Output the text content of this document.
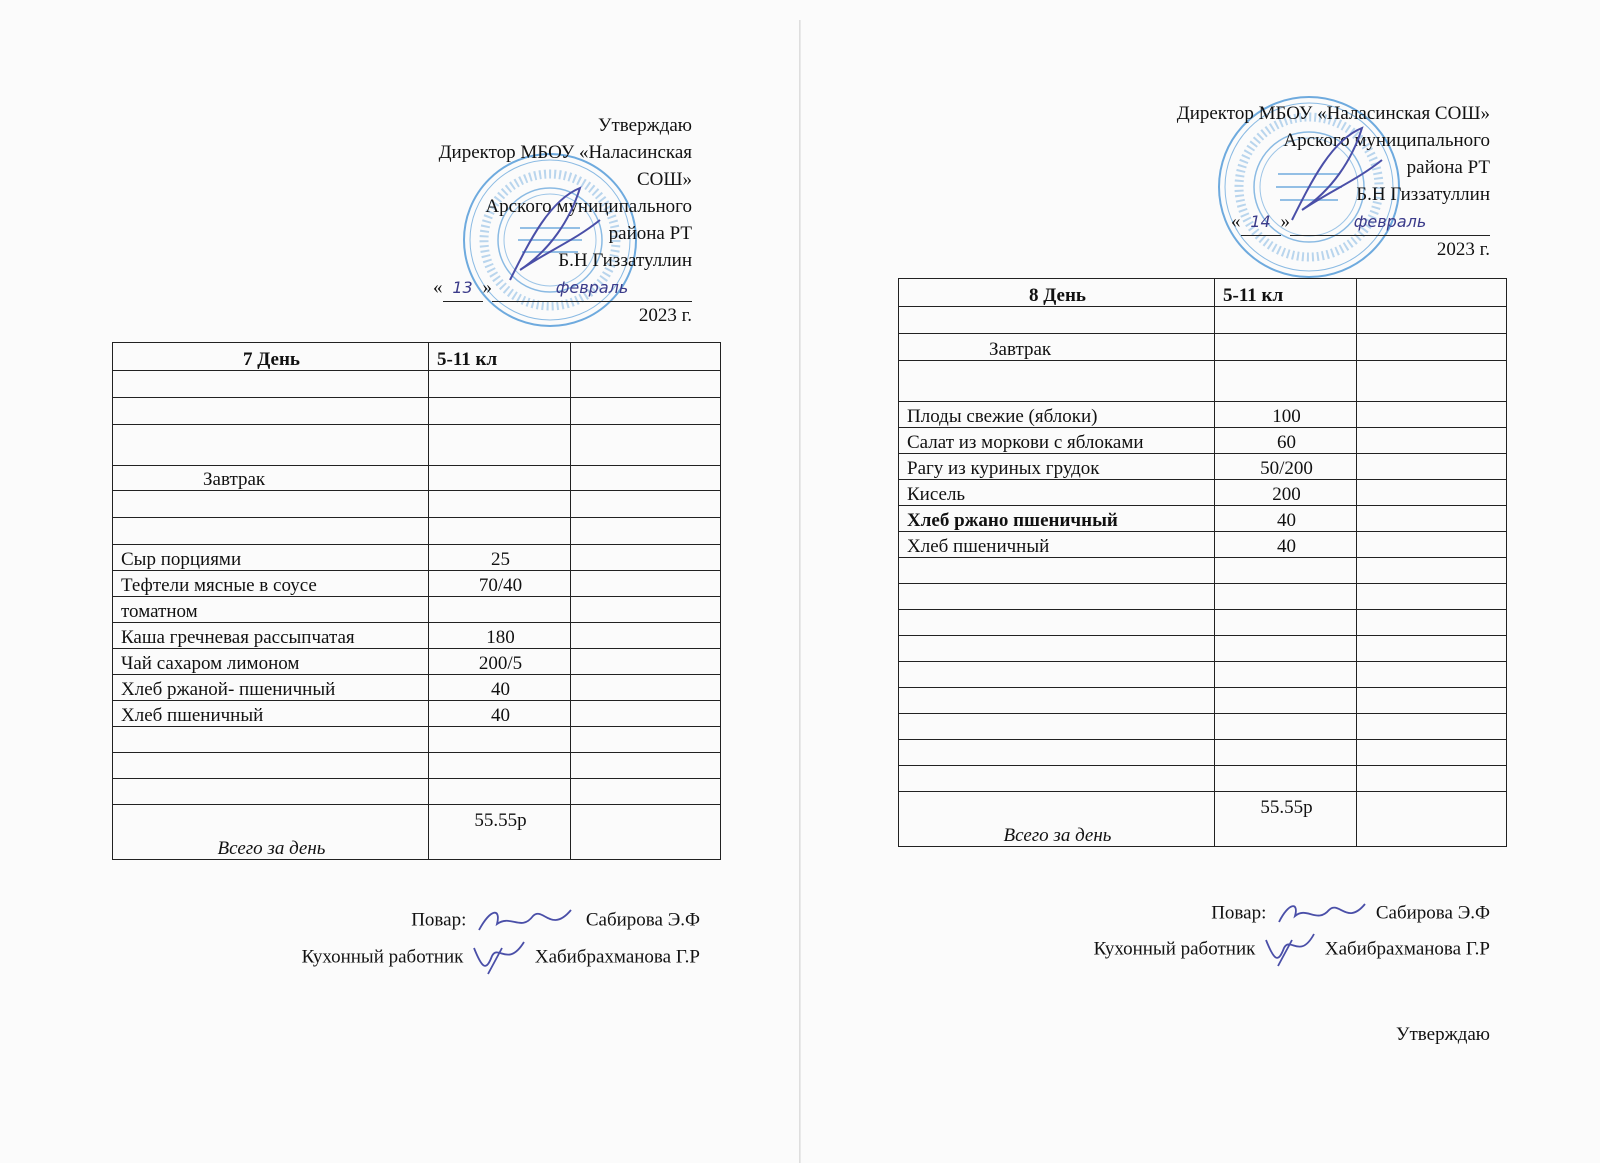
Утверждаю
Директор МБОУ «Наласинская
СОШ»
Арского муниципального
района РТ
Б.Н Гиззатуллин
« 13 »	февраль
2023 г.
7 День	5-11 кл	

Завтрак		

Сыр порциями	25	
Тефтели мясные в соусе	70/40	
томатном		
Каша гречневая рассыпчатая	180	
Чай сахаром лимоном	200/5	
Хлеб ржаной- пшеничный	40	
Хлеб пшеничный	40	

Всего за день	55.55р	
Повар:	Сабирова Э.Ф
Кухонный работник	Хабибрахманова Г.Р
Директор МБОУ «Наласинская СОШ»
Арского муниципального
района РТ
Б.Н Гиззатуллин
« 14 »	февраль
2023 г.
8 День	5-11 кл	

Завтрак		

Плоды свежие (яблоки)	100	
Салат из моркови с яблоками	60	
Рагу из куриных грудок	50/200	
Кисель	200	
Хлеб ржано пшеничный	40	
Хлеб пшеничный	40	

Всего за день	55.55р	
Повар:	Сабирова Э.Ф
Кухонный работник	Хабибрахманова Г.Р
Утверждаю
